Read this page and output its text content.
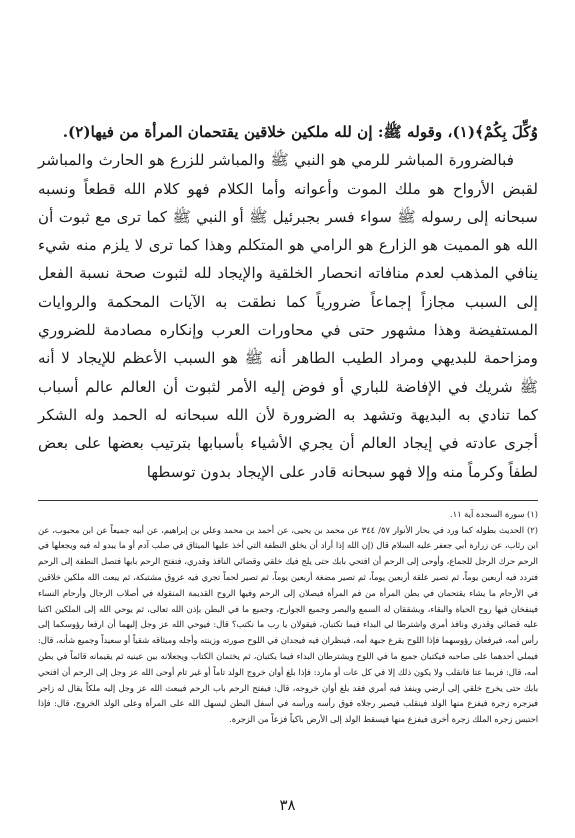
وُكِّلَ بِكُمْ﴾(١)، وقوله ﷺ: إن لله ملكين خلاقين يقتحمان المرأة من فيها(٢).

فبالضرورة المباشر للرمي هو النبي ﷺ والمباشر للزرع هو الحارث والمباشر لقبض الأرواح هو ملك الموت وأعوانه وأما الكلام فهو كلام الله قطعاً ونسبه سبحانه إلى رسوله ﷺ سواء فسر بجبرئيل ﷺ أو النبي ﷺ كما ترى مع ثبوت أن الله هو المميت هو الزارع هو الرامي هو المتكلم وهذا كما ترى لا يلزم منه شيء ينافي المذهب لعدم منافاته انحصار الخلقية والإيجاد لله لثبوت صحة نسبة الفعل إلى السبب مجازاً إجماعاً ضرورياً كما نطقت به الآيات المحكمة والروايات المستفيضة وهذا مشهور حتى في محاورات العرب وإنكاره مصادمة للضروري ومزاحمة للبديهي ومراد الطيب الطاهر أنه ﷺ هو السبب الأعظم للإيجاد لا أنه ﷺ شريك في الإفاضة للباري أو فوض إليه الأمر لثبوت أن العالم عالم أسباب كما تنادي به البديهة وتشهد به الضرورة لأن الله سبحانه له الحمد وله الشكر أجرى عادته في إيجاد العالم أن يجري الأشياء بأسبابها بترتيب بعضها على بعض لطفاً وكرماً منه وإلا فهو سبحانه قادر على الإيجاد بدون توسطها

(١) سورة السجدة آية ١١.

(٢) الحديث بطوله كما ورد في بحار الأنوار ٥٧/ ٣٤٤ عن محمد بن يحيى، عن أحمد بن محمد وعلي بن إبراهيم، عن أبيه جميعاً عن ابن محبوب، عن ابن رئاب، عن زرارة أبي جعفر عليه السلام قال (إن الله إذا أراد أن يخلق النطفة التي أخذ عليها الميثاق في صلب آدم أو ما يبدو له فيه ويجعلها في الرحم حرك الرجل للجماع، وأوحى إلى الرحم أن افتحي بابك حتى يلج فيك خلقي وقضائي النافذ وقدري، فتفتح الرحم بابها فتصل النطفة إلى الرحم فتردد فيه أربعين يوماً، ثم تصير علقة أربعين يوماً، ثم تصير مضغة أربعين يوماً، ثم تصير لحماً تجري فيه عروق مشتبكة، ثم يبعث الله ملكين خلاقين في الأرحام ما يشاء يقتحمان في بطن المرأة من فم المرأة فيصلان إلى الرحم وفيها الروح القديمة المنقولة في أصلاب الرجال وأرحام النساء فينفخان فيها روح الحياة والبقاء، ويشققان له السمع والبصر وجميع الجوارح، وجميع ما في البطن بإذن الله تعالى، ثم يوحي الله إلى الملكين اكتبا عليه قضائي وقدري ونافذ أمري واشترطا لي البداء فيما تكتبان، فيقولان يا رب ما نكتب؟ قال: فيوحي الله عز وجل إليهما أن ارفعا رؤوسكما إلى رأس أمه، فيرفعان رؤوسهما فإذا اللوح يقرع جبهة أمه، فينظران فيه فيجدان في اللوح صورته وزينته وأجله وميثاقه شقياً أو سعيداً وجميع شأنه، قال: فيملي أحدهما على صاحبه فيكتبان جميع ما في اللوح ويشترطان البداء فيما يكتبان، ثم يختمان الكتاب ويجعلانه بين عينيه ثم يقيمانه قائماً في بطن أمه، قال: فربما عتا فانقلب ولا يكون ذلك إلا في كل عات أو مارد: فإذا بلغ أوان خروج الولد تاماً أو غير تام أوحى الله عز وجل إلى الرحم أن افتحي بابك حتى يخرج خلقي إلى أرضي وينفذ فيه أمري فقد بلغ أوان خروجه، قال: فيفتح الرحم باب الرحم فيبعث الله عز وجل إليه ملكاً يقال له زاجر فيزجره زجرة فيفزع منها الولد فينقلب فيصير رجلاه فوق رأسه ورأسه في أسفل البطن ليسهل الله على المرأة وعلى الولد الخروج، قال: فإذا احتبس زجره الملك زجرة أخرى فيفزع منها فيسقط الولد إلى الأرض باكياً فزعاً من الزجرة.

٣٨
